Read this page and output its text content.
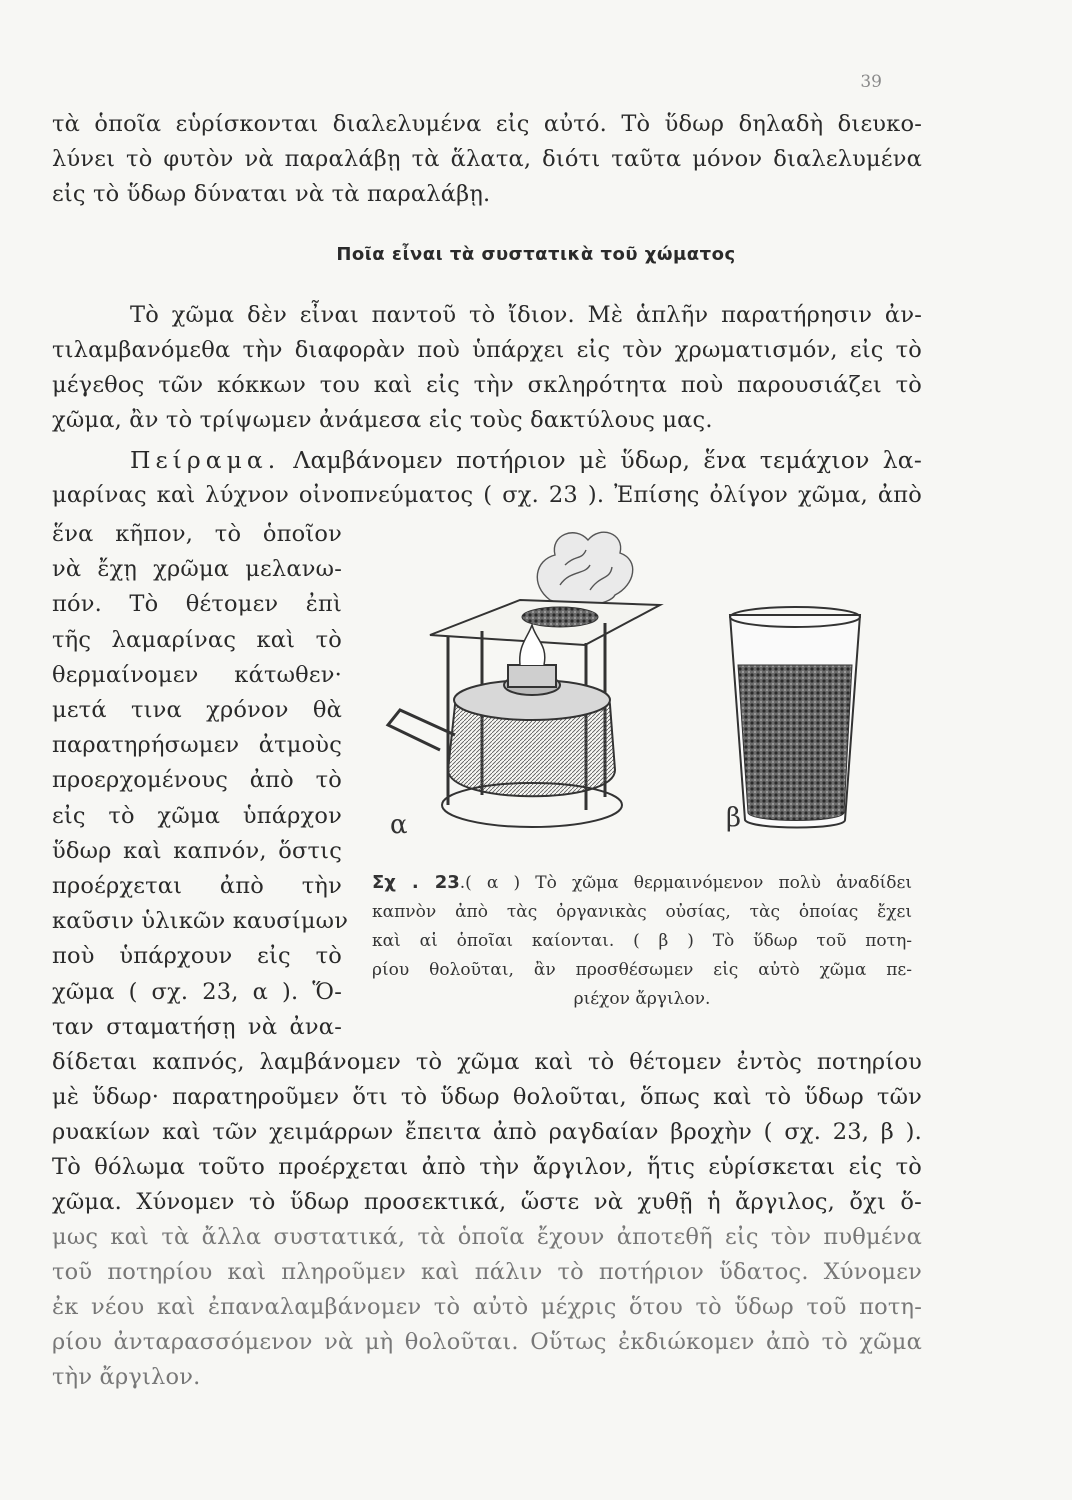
39
τὰ ὁποῖα εὑρίσκονται διαλελυμένα εἰς αὐτό. Τὸ ὕδωρ δηλαδὴ διευκο-
λύνει τὸ φυτὸν νὰ παραλάβῃ τὰ ἅλατα, διότι ταῦτα μόνον διαλελυμένα
εἰς τὸ ὕδωρ δύναται νὰ τὰ παραλάβῃ.
Ποῖα εἶναι τὰ συστατικὰ τοῦ χώματος
Τὸ χῶμα δὲν εἶναι παντοῦ τὸ ἴδιον. Μὲ ἁπλῆν παρατήρησιν ἀν-
τιλαμβανόμεθα τὴν διαφορὰν ποὺ ὑπάρχει εἰς τὸν χρωματισμόν, εἰς τὸ
μέγεθος τῶν κόκκων του καὶ εἰς τὴν σκληρότητα ποὺ παρουσιάζει τὸ
χῶμα, ἂν τὸ τρίψωμεν ἀνάμεσα εἰς τοὺς δακτύλους μας.
Πείραμα. Λαμβάνομεν ποτήριον μὲ ὕδωρ, ἕνα τεμάχιον λα-
μαρίνας καὶ λύχνον οἰνοπνεύματος ( σχ. 23 ). Ἐπίσης ὀλίγον χῶμα, ἀπὸ
ἕνα κῆπον, τὸ ὁποῖον
νὰ ἔχῃ χρῶμα μελανω-
πόν. Τὸ θέτομεν ἐπὶ
τῆς λαμαρίνας καὶ τὸ
θερμαίνομεν κάτωθεν·
μετά τινα χρόνον θὰ
παρατηρήσωμεν ἀτμοὺς
προερχομένους ἀπὸ τὸ
εἰς τὸ χῶμα ὑπάρχον
ὕδωρ καὶ καπνόν, ὅστις
προέρχεται ἀπὸ τὴν
καῦσιν ὑλικῶν καυσίμων
ποὺ ὑπάρχουν εἰς τὸ
χῶμα ( σχ. 23, α ). Ὅ-
ταν σταματήσῃ νὰ ἀνα-
α	β
Σχ . 23.( α ) Τὸ χῶμα θερμαινόμενον πολὺ ἀναδίδει
καπνὸν ἀπὸ τὰς ὀργανικὰς οὐσίας, τὰς ὁποίας ἔχει
καὶ αἱ ὁποῖαι καίονται. ( β ) Τὸ ὕδωρ τοῦ ποτη-
ρίου θολοῦται, ἂν προσθέσωμεν εἰς αὐτὸ χῶμα πε-
ριέχον ἄργιλον.
δίδεται καπνός, λαμβάνομεν τὸ χῶμα καὶ τὸ θέτομεν ἐντὸς ποτηρίου
μὲ ὕδωρ· παρατηροῦμεν ὅτι τὸ ὕδωρ θολοῦται, ὅπως καὶ τὸ ὕδωρ τῶν
ρυακίων καὶ τῶν χειμάρρων ἔπειτα ἀπὸ ραγδαίαν βροχὴν ( σχ. 23, β ).
Τὸ θόλωμα τοῦτο προέρχεται ἀπὸ τὴν ἄργιλον, ἥτις εὑρίσκεται εἰς τὸ
χῶμα. Χύνομεν τὸ ὕδωρ προσεκτικά, ὥστε νὰ χυθῇ ἡ ἄργιλος, ὄχι ὅ-
μως καὶ τὰ ἄλλα συστατικά, τὰ ὁποῖα ἔχουν ἀποτεθῆ εἰς τὸν πυθμένα
τοῦ ποτηρίου καὶ πληροῦμεν καὶ πάλιν τὸ ποτήριον ὕδατος. Χύνομεν
ἐκ νέου καὶ ἐπαναλαμβάνομεν τὸ αὐτὸ μέχρις ὅτου τὸ ὕδωρ τοῦ ποτη-
ρίου ἀνταρασσόμενον νὰ μὴ θολοῦται. Οὕτως ἐκδιώκομεν ἀπὸ τὸ χῶμα
τὴν ἄργιλον.
